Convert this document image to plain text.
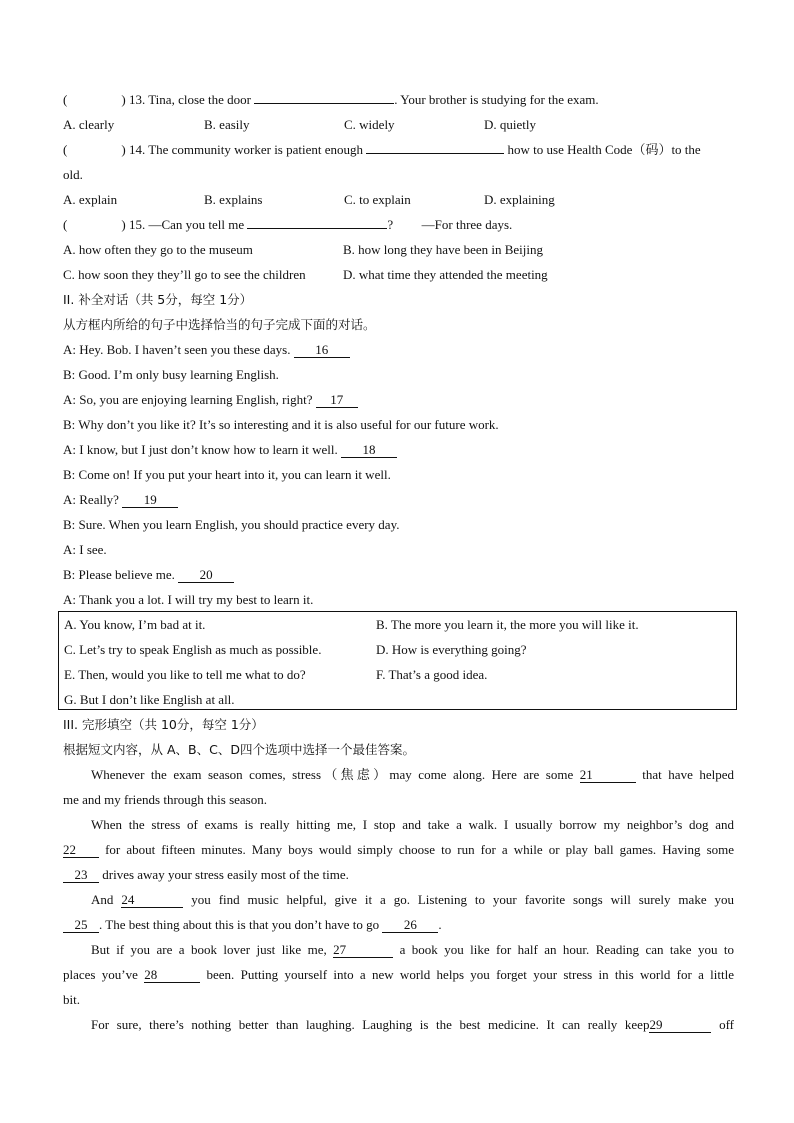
(	) 13. Tina, close the door	. Your brother is studying for the exam.
A. clearly	B. easily	C. widely	D. quietly
(	) 14. The community worker is patient enough	how to use Health Code（码）to the
old.
A. explain	B. explains	C. to explain	D. explaining
(	) 15. —Can you tell me	? —For three days.
A. how often they go to the museum	B. how long they have been in Beijing
C. how soon they they’ll go to see the children	D. what time they attended the meeting
II. 补全对话（共 5分，每空 1分）
从方框内所给的句子中选择恰当的句子完成下面的对话。
A: Hey. Bob. I haven’t seen you these days. 16
B: Good. I’m only busy learning English.
A: So, you are enjoying learning English, right? 17
B: Why don’t you like it? It’s so interesting and it is also useful for our future work.
A: I know, but I just don’t know how to learn it well. 18
B: Come on! If you put your heart into it, you can learn it well.
A: Really? 19
B: Sure. When you learn English, you should practice every day.
A: I see.
B: Please believe me. 20
A: Thank you a lot. I will try my best to learn it.
A. You know, I’m bad at it.	B. The more you learn it, the more you will like it.
C. Let’s try to speak English as much as possible.	D. How is everything going?
E. Then, would you like to tell me what to do?	F. That’s a good idea.
G. But I don’t like English at all.
III. 完形填空（共 10分，每空 1分）
根据短文内容，从 A、B、C、D四个选项中选择一个最佳答案。
Whenever the exam season comes, stress（焦虑）may come along. Here are some 21	that have helped
me and my friends through this season.
When the stress of exams is really hitting me, I stop and take a walk. I usually borrow my neighbor’s dog and
22 for about fifteen minutes. Many boys would simply choose to run for a while or play ball games. Having some
23 drives away your stress easily most of the time.
And 24	you find music helpful, give it a go. Listening to your favorite songs will surely make you
25 . The best thing about this is that you don’t have to go 26 .
But if you are a book lover just like me, 27	a book you like for half an hour. Reading can take you to
places you’ve 28	been. Putting yourself into a new world helps you forget your stress in this world for a little
bit.
For sure, there’s nothing better than laughing. Laughing is the best medicine. It can really keep29	off
